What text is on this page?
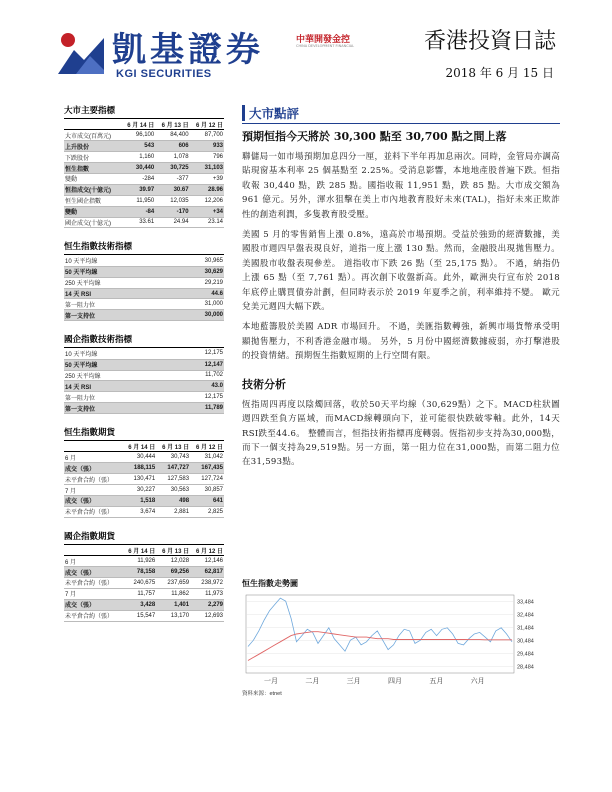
凱基證券
KGI SECURITIES
中華開發金控
CHINA DEVELOPMENT FINANCIAL	香港投資日誌
2018 年 6 月 15 日
大市主要指標
	6 月 14 日	6 月 13 日	6 月 12 日
大市成交(百萬元)	96,100	84,400	87,700
上升股份	543	606	933
下跌股份	1,160	1,078	796
恒生指數	30,440	30,725	31,103
變動	-284	-377	+39
恒指成交(十億元)	39.97	30.67	28.96
恒生國企指數	11,950	12,035	12,206
變動	-84	-170	+34
國企成交(十億元)	33.61	24.94	23.14
恒生指數技術指標
10 天平均線	30,965
50 天平均線	30,629
250 天平均線	29,219
14 天 RSI	44.6
第一阻力位	31,000
第一支持位	30,000
國企指數技術指標
10 天平均線	12,175
50 天平均線	12,147
250 天平均線	11,702
14 天 RSI	43.0
第一阻力位	12,175
第一支持位	11,789
恒生指數期貨
	6 月 14 日	6 月 13 日	6 月 12 日
6 月	30,444	30,743	31,042
成交（張）	188,115	147,727	167,435
未平倉合約（張）	130,471	127,583	127,724
7 月	30,227	30,563	30,857
成交（張）	1,518	498	641
未平倉合約（張）	3,674	2,881	2,825
國企指數期貨
	6 月 14 日	6 月 13 日	6 月 12 日
6 月	11,926	12,028	12,146
成交（張）	78,158	69,256	62,817
未平倉合約（張）	240,675	237,659	238,972
7 月	11,757	11,862	11,973
成交（張）	3,428	1,401	2,279
未平倉合約（張）	15,547	13,170	12,693
大市點評
預期恒指今天將於 30,300 點至 30,700 點之間上落

聯儲局一如市場預期加息四分一厘，並料下半年再加息兩次。同時，金管局亦調高貼現窗基本利率 25 個基點至 2.25%。受消息影響，本地地產股普遍下跌。恒指收報 30,440 點，跌 285 點。國指收報 11,951 點，跌 85 點。大市成交額為 961 億元。另外，渾水狙擊在美上市內地教育股好未來(TAL)，指好未來正欺詐性的創造利潤，多隻教育股受壓。

美國 5 月的零售銷售上漲 0.8%，遠高於市場預期。受益於強勁的經濟數據，美國股市週四早盤表現良好，道指一度上漲 130 點。然而，金融股出現拋售壓力。 美國股市收盤表現參差。 道指收市下跌 26 點（至 25,175 點）。 不過，納指仍上漲 65 點（至 7,761 點）。再次創下收盤新高。此外，歐洲央行宣布於 2018 年底停止購買債券計劃，但同時表示於 2019 年夏季之前，利率維持不變。 歐元兌美元週四大幅下跌。

本地藍籌股於美國 ADR 市場回升。 不過，美匯指數轉強，新興市場貨幣承受明顯拋售壓力，不利香港金融市場。 另外，5 月份中國經濟數據疲弱，亦打擊港股的投資情緒。預期恆生指數短期的上行空間有限。

技術分析

恆指周四再度以陰燭回落，收於50天平均線（30,629點）之下。MACD柱狀圖週四跌至負方區域，而MACD線轉頭向下，並可能很快跌破零軸。此外，14天RSI跌至44.6。 整體而言，恒指技術指標再度轉弱。恆指初步支持為30,000點，而下一個支持為29,519點。另一方面，第一阻力位在31,000點，而第二阻力位在31,593點。

恒生指數走勢圖
33,484
32,484
31,484
30,484
29,484
28,484
一月	二月	三月	四月	五月	六月
資料來源：etnet
